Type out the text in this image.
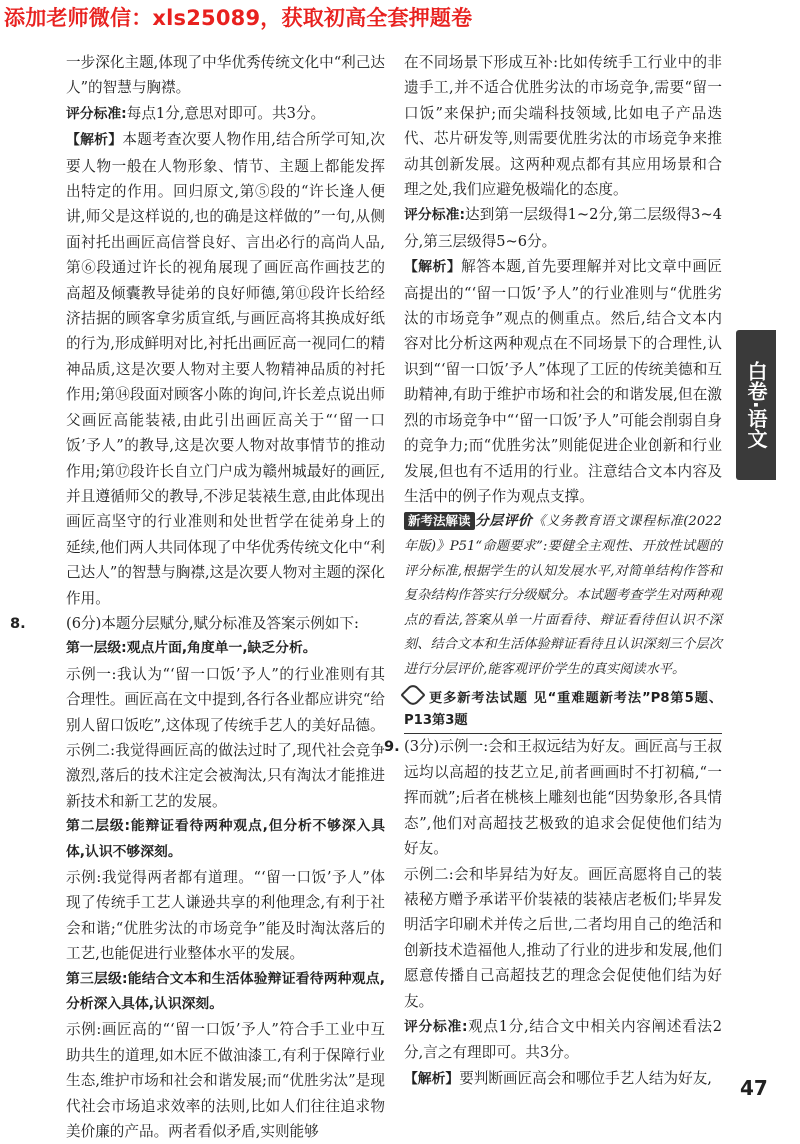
添加老师微信：xls25089，获取初高全套押题卷

一步深化主题,体现了中华优秀传统文化中“利己达人”的智慧与胸襟。

评分标准:每点1分,意思对即可。共3分。

【解析】本题考查次要人物作用,结合所学可知,次要人物一般在人物形象、情节、主题上都能发挥出特定的作用。回归原文,第⑤段的“许长逢人便讲,师父是这样说的,也的确是这样做的”一句,从侧面衬托出画匠高信誉良好、言出必行的高尚人品,第⑥段通过许长的视角展现了画匠高作画技艺的高超及倾囊教导徒弟的良好师德,第⑪段许长给经济拮据的顾客拿劣质宣纸,与画匠高将其换成好纸的行为,形成鲜明对比,衬托出画匠高一视同仁的精神品质,这是次要人物对主要人物精神品质的衬托作用;第⑭段面对顾客小陈的询问,许长差点说出师父画匠高能装裱,由此引出画匠高关于“‘留一口饭’予人”的教导,这是次要人物对故事情节的推动作用;第⑰段许长自立门户成为赣州城最好的画匠,并且遵循师父的教导,不涉足装裱生意,由此体现出画匠高坚守的行业准则和处世哲学在徒弟身上的延续,他们两人共同体现了中华优秀传统文化中“利己达人”的智慧与胸襟,这是次要人物对主题的深化作用。

8.	(6分)本题分层赋分,赋分标准及答案示例如下:

第一层级:观点片面,角度单一,缺乏分析。

示例一:我认为“‘留一口饭’予人”的行业准则有其合理性。画匠高在文中提到,各行各业都应讲究“给别人留口饭吃”,这体现了传统手艺人的美好品德。

示例二:我觉得画匠高的做法过时了,现代社会竞争激烈,落后的技术注定会被淘汰,只有淘汰才能推进新技术和新工艺的发展。

第二层级:能辩证看待两种观点,但分析不够深入具体,认识不够深刻。

示例:我觉得两者都有道理。“‘留一口饭’予人”体现了传统手工艺人谦逊共享的利他理念,有利于社会和谐;“优胜劣汰的市场竞争”能及时淘汰落后的工艺,也能促进行业整体水平的发展。

第三层级:能结合文本和生活体验辩证看待两种观点,分析深入具体,认识深刻。

示例:画匠高的“‘留一口饭’予人”符合手工业中互助共生的道理,如木匠不做油漆工,有利于保障行业生态,维护市场和社会和谐发展;而“优胜劣汰”是现代社会市场追求效率的法则,比如人们往往追求物美价廉的产品。两者看似矛盾,实则能够

在不同场景下形成互补:比如传统手工行业中的非遗手工,并不适合优胜劣汰的市场竞争,需要“留一口饭”来保护;而尖端科技领域,比如电子产品迭代、芯片研发等,则需要优胜劣汰的市场竞争来推动其创新发展。这两种观点都有其应用场景和合理之处,我们应避免极端化的态度。

评分标准:达到第一层级得1~2分,第二层级得3~4分,第三层级得5~6分。

【解析】解答本题,首先要理解并对比文章中画匠高提出的“‘留一口饭’予人”的行业准则与“优胜劣汰的市场竞争”观点的侧重点。然后,结合文本内容对比分析这两种观点在不同场景下的合理性,认识到“‘留一口饭’予人”体现了工匠的传统美德和互助精神,有助于维护市场和社会的和谐发展,但在激烈的市场竞争中“‘留一口饭’予人”可能会削弱自身的竞争力;而“优胜劣汰”则能促进企业创新和行业发展,但也有不适用的行业。注意结合文本内容及生活中的例子作为观点支撑。

新考法解读 分层评价《义务教育语文课程标准(2022年版)》P51“命题要求”:要健全主观性、开放性试题的评分标准,根据学生的认知发展水平,对简单结构作答和复杂结构作答实行分级赋分。本试题考查学生对两种观点的看法,答案从单一片面看待、辩证看待但认识不深刻、结合文本和生活体验辩证看待且认识深刻三个层次进行分层评价,能客观评价学生的真实阅读水平。

更多新考法试题 见“重难题新考法”P8第5题、P13第3题

9. (3分)示例一:会和王叔远结为好友。画匠高与王叔远均以高超的技艺立足,前者画画时不打初稿,“一挥而就”;后者在桃核上雕刻也能“因势象形,各具情态”,他们对高超技艺极致的追求会促使他们结为好友。

示例二:会和毕昇结为好友。画匠高愿将自己的装裱秘方赠予承诺平价装裱的装裱店老板们;毕昇发明活字印刷术并传之后世,二者均用自己的绝活和创新技术造福他人,推动了行业的进步和发展,他们愿意传播自己高超技艺的理念会促使他们结为好友。

评分标准:观点1分,结合文中相关内容阐述看法2分,言之有理即可。共3分。

【解析】要判断画匠高会和哪位手艺人结为好友,

白卷·语文
47
